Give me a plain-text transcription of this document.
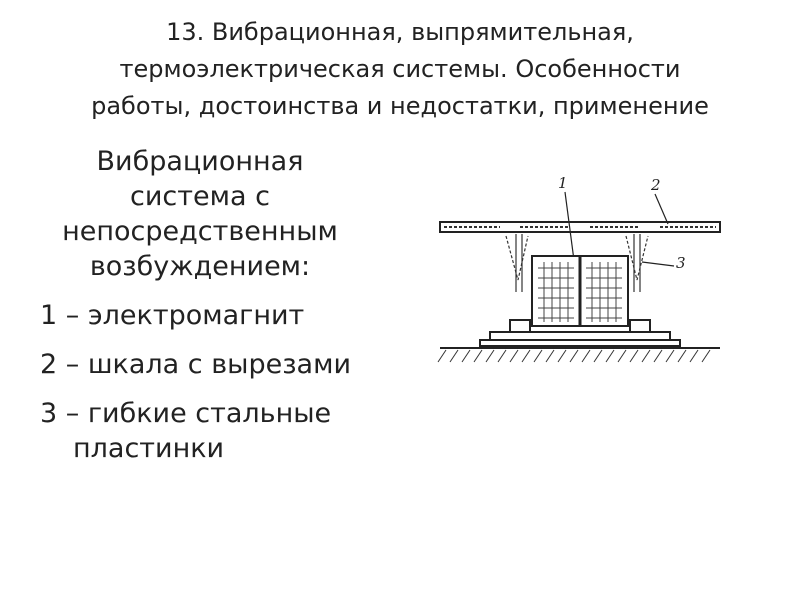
13. Вибрационная, выпрямительная,
термоэлектрическая системы. Особенности
работы, достоинства и недостатки, применение
Вибрационная
система с
непосредственным
возбуждением:
1 – электромагнит
2 – шкала с вырезами
3 – гибкие стальные пластинки
1	2
3
